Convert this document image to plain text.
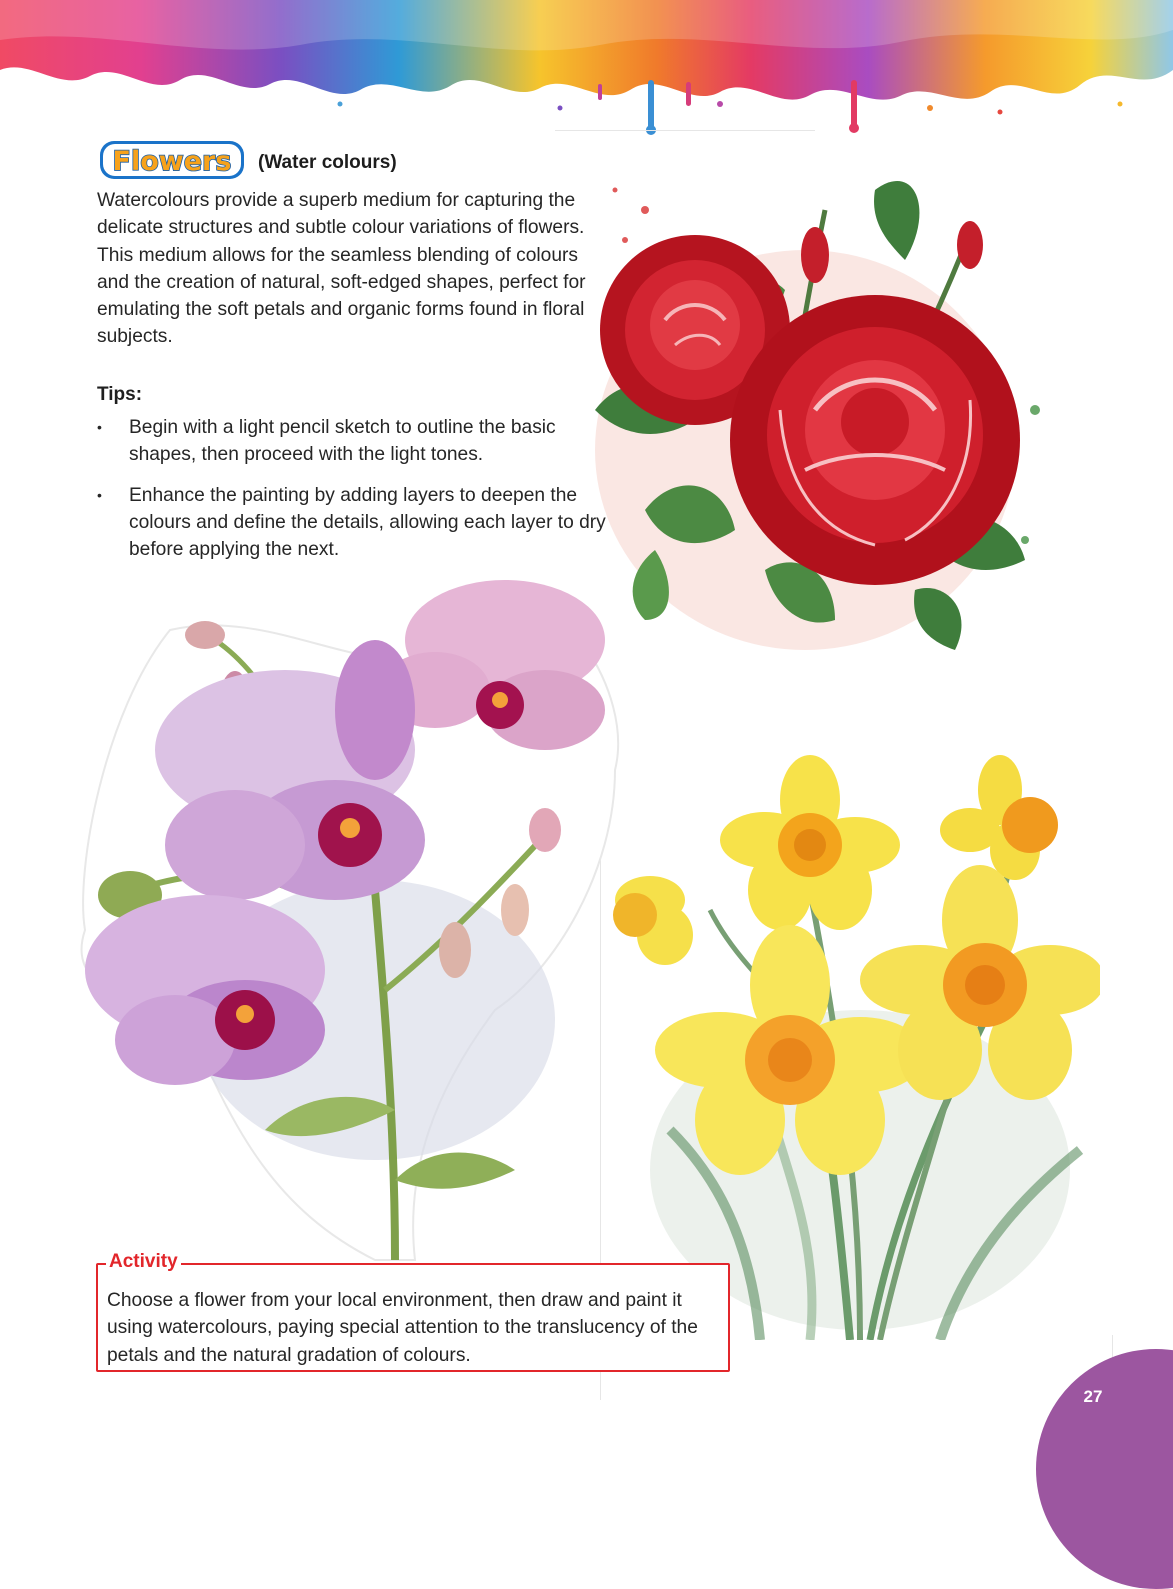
Flowers (Water colours)

Watercolours provide a superb medium for capturing the delicate structures and subtle colour variations of flowers. This medium allows for the seamless blending of colours and the creation of natural, soft-edged shapes, perfect for emulating the soft petals and organic forms found in floral subjects.

Tips:
• Begin with a light pencil sketch to outline the basic shapes, then proceed with the light tones.
• Enhance the painting by adding layers to deepen the colours and define the details, allowing each layer to dry before applying the next.
Activity

Choose a flower from your local environment, then draw and paint it using watercolours, paying special attention to the translucency of the petals and the natural gradation of colours.

27
